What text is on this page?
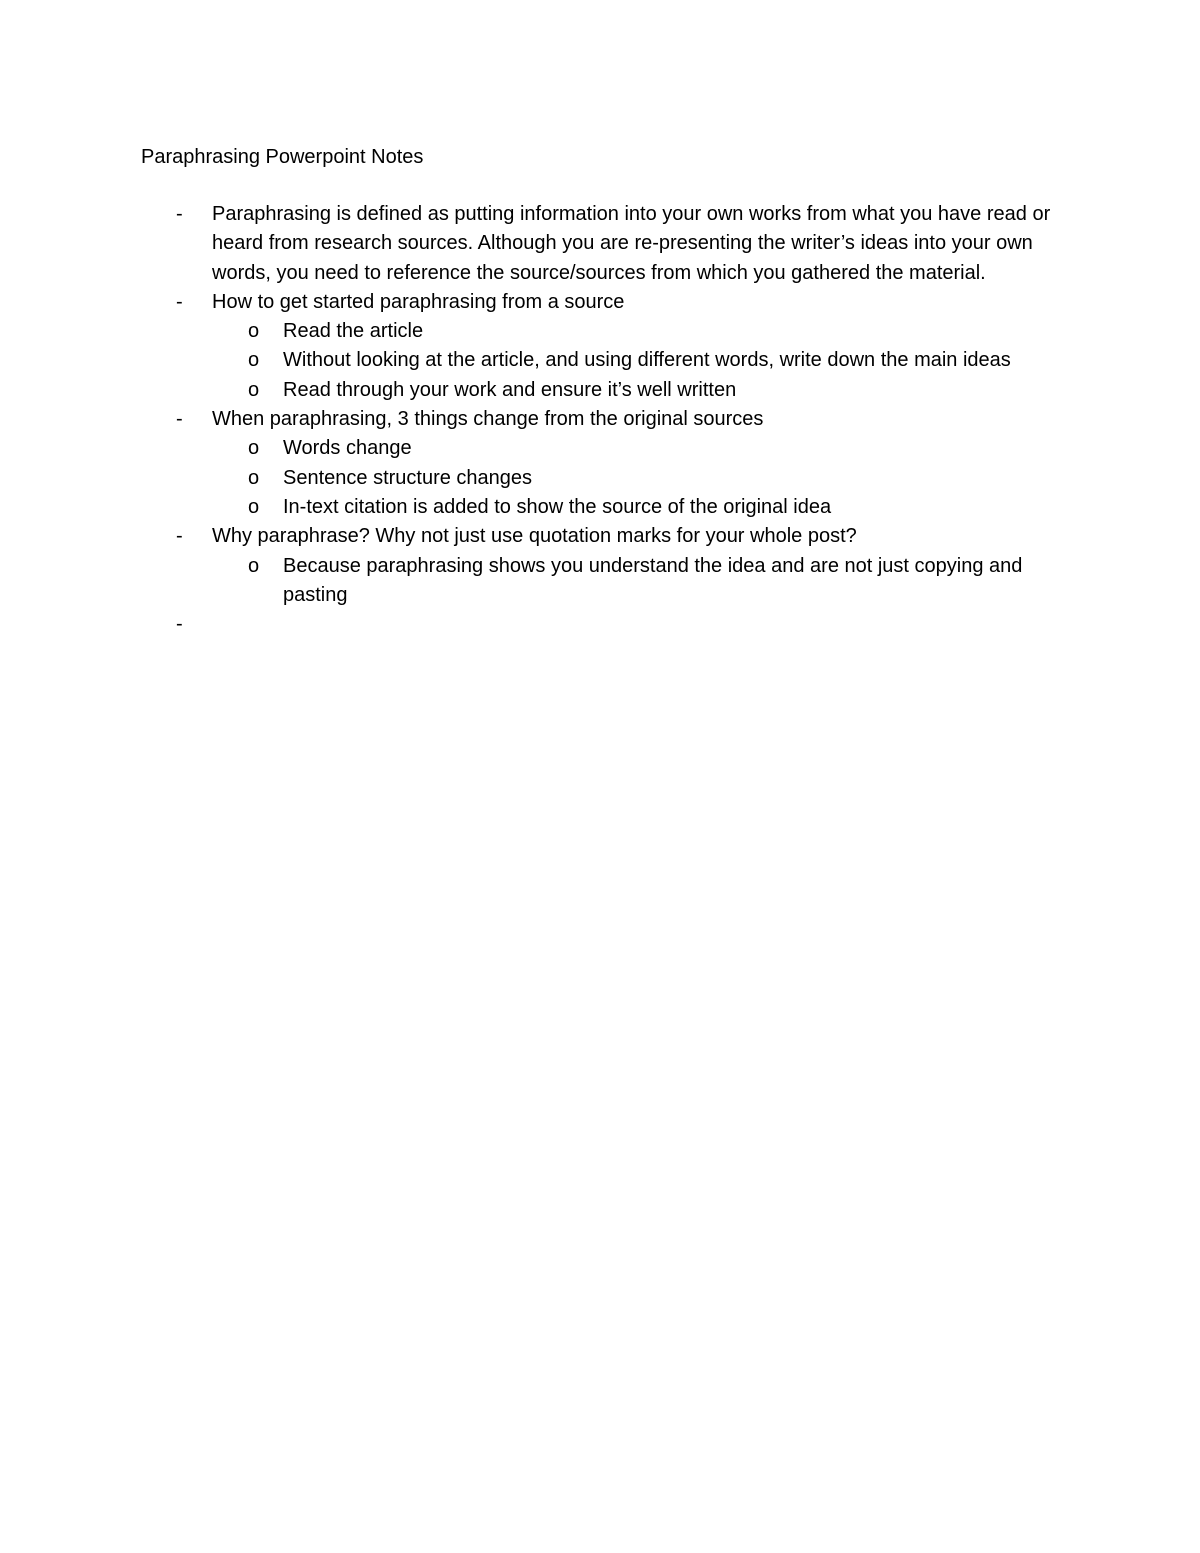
Paraphrasing Powerpoint Notes
- Paraphrasing is defined as putting information into your own works from what you have read or heard from research sources. Although you are re-presenting the writer’s ideas into your own words, you need to reference the source/sources from which you gathered the material.
- How to get started paraphrasing from a source
o Read the article
o Without looking at the article, and using different words, write down the main ideas
o Read through your work and ensure it’s well written
- When paraphrasing, 3 things change from the original sources
o Words change
o Sentence structure changes
o In-text citation is added to show the source of the original idea
- Why paraphrase? Why not just use quotation marks for your whole post?
o Because paraphrasing shows you understand the idea and are not just copying and pasting
-
